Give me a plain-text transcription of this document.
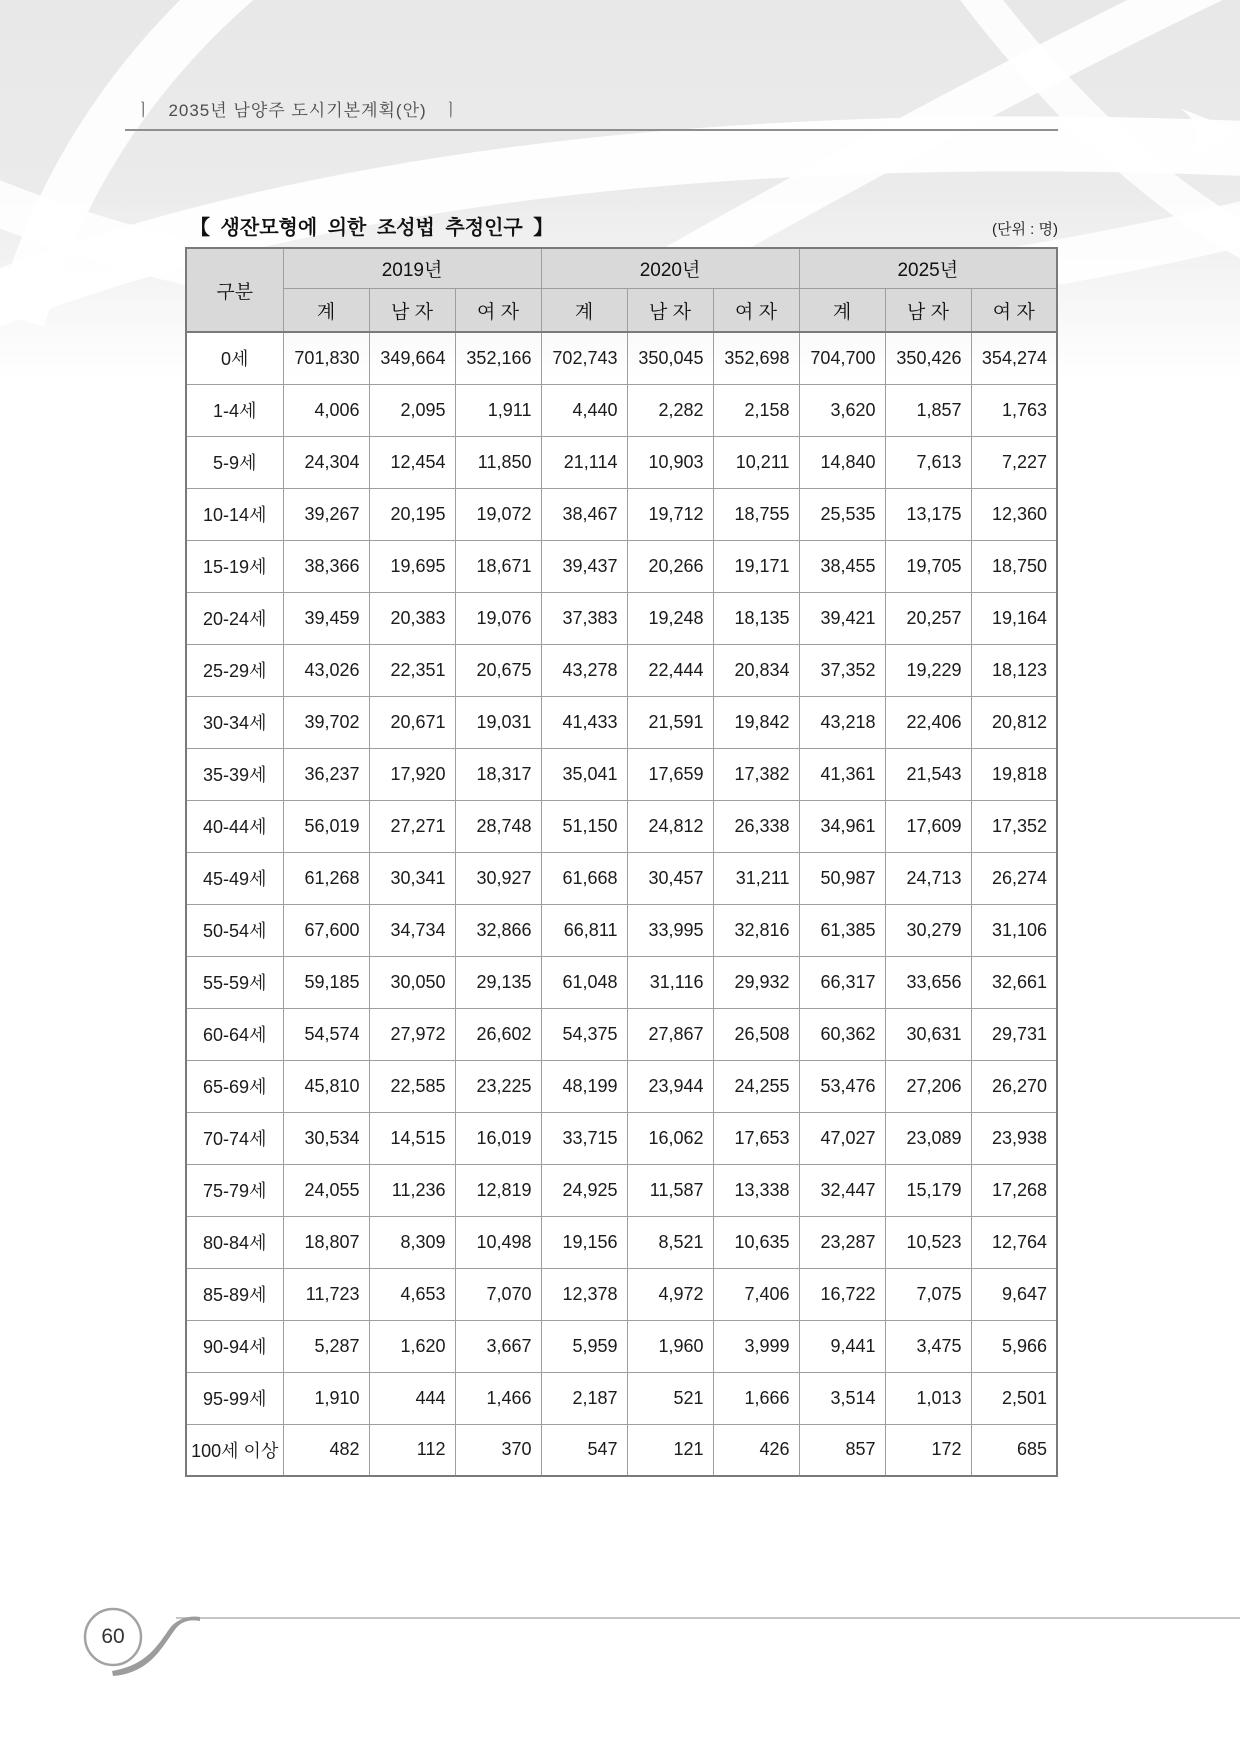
ㅣ 2035년 남양주 도시기본계획(안) ㅣ
【 생잔모형에 의한 조성법 추정인구 】	(단위 : 명)
구분	2019년			2020년			2025년		
	계	남 자	여 자	계	남 자	여 자	계	남 자	여 자
0세	701,830	349,664	352,166	702,743	350,045	352,698	704,700	350,426	354,274
1-4세	4,006	2,095	1,911	4,440	2,282	2,158	3,620	1,857	1,763
5-9세	24,304	12,454	11,850	21,114	10,903	10,211	14,840	7,613	7,227
10-14세	39,267	20,195	19,072	38,467	19,712	18,755	25,535	13,175	12,360
15-19세	38,366	19,695	18,671	39,437	20,266	19,171	38,455	19,705	18,750
20-24세	39,459	20,383	19,076	37,383	19,248	18,135	39,421	20,257	19,164
25-29세	43,026	22,351	20,675	43,278	22,444	20,834	37,352	19,229	18,123
30-34세	39,702	20,671	19,031	41,433	21,591	19,842	43,218	22,406	20,812
35-39세	36,237	17,920	18,317	35,041	17,659	17,382	41,361	21,543	19,818
40-44세	56,019	27,271	28,748	51,150	24,812	26,338	34,961	17,609	17,352
45-49세	61,268	30,341	30,927	61,668	30,457	31,211	50,987	24,713	26,274
50-54세	67,600	34,734	32,866	66,811	33,995	32,816	61,385	30,279	31,106
55-59세	59,185	30,050	29,135	61,048	31,116	29,932	66,317	33,656	32,661
60-64세	54,574	27,972	26,602	54,375	27,867	26,508	60,362	30,631	29,731
65-69세	45,810	22,585	23,225	48,199	23,944	24,255	53,476	27,206	26,270
70-74세	30,534	14,515	16,019	33,715	16,062	17,653	47,027	23,089	23,938
75-79세	24,055	11,236	12,819	24,925	11,587	13,338	32,447	15,179	17,268
80-84세	18,807	8,309	10,498	19,156	8,521	10,635	23,287	10,523	12,764
85-89세	11,723	4,653	7,070	12,378	4,972	7,406	16,722	7,075	9,647
90-94세	5,287	1,620	3,667	5,959	1,960	3,999	9,441	3,475	5,966
95-99세	1,910	444	1,466	2,187	521	1,666	3,514	1,013	2,501
100세 이상	482	112	370	547	121	426	857	172	685
60
